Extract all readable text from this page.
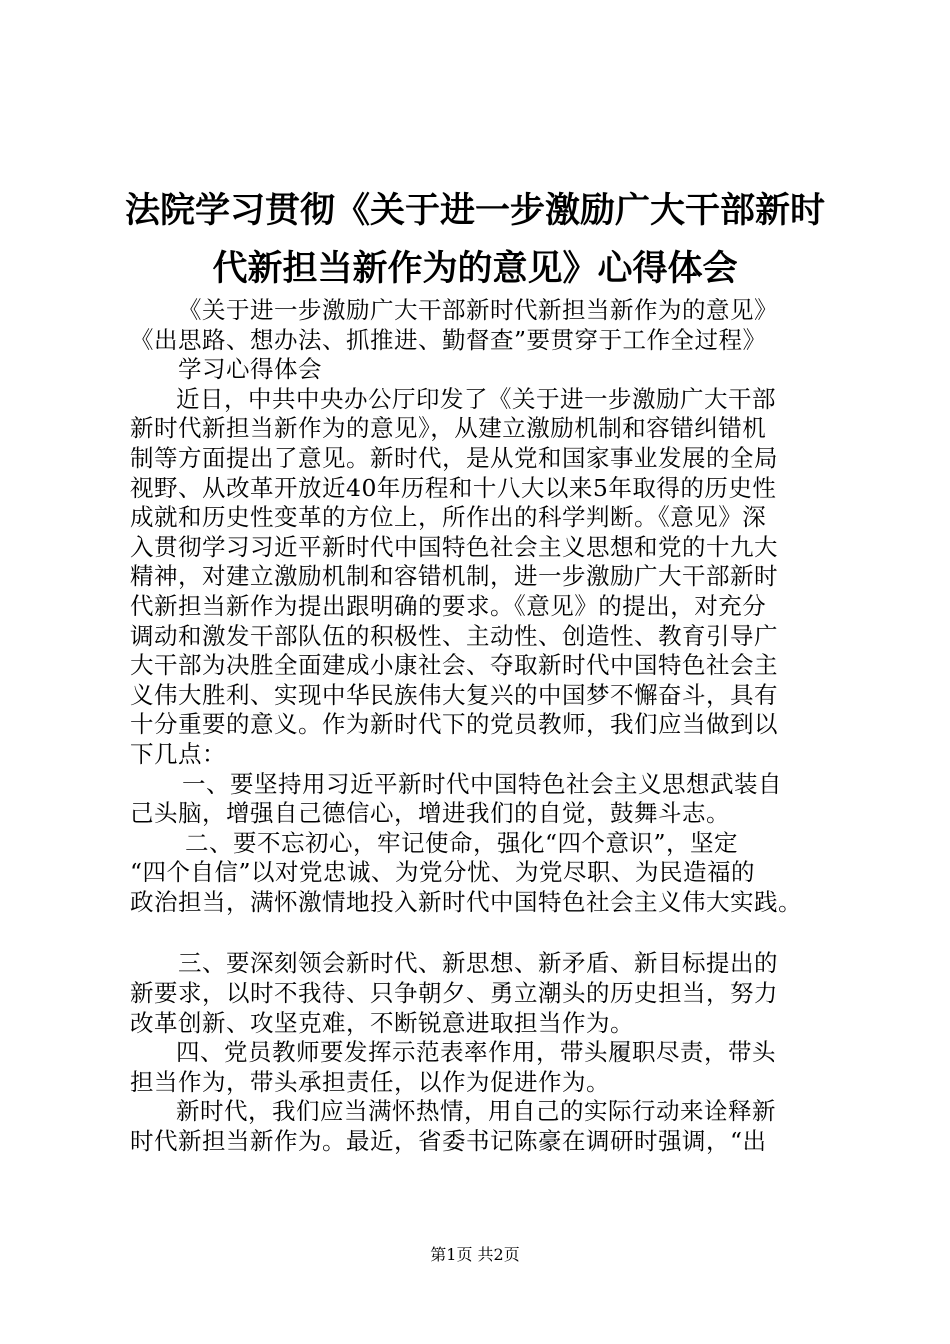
法院学习贯彻《关于进一步激励广大干部新时
代新担当新作为的意见》心得体会
《关于进一步激励广大干部新时代新担当新作为的意见》
《出思路、想办法、抓推进、勤督查”要贯穿于工作全过程》
学习心得体会
近日，中共中央办公厅印发了《关于进一步激励广大干部
新时代新担当新作为的意见》，从建立激励机制和容错纠错机
制等方面提出了意见。新时代，是从党和国家事业发展的全局
视野、从改革开放近40年历程和十八大以来5年取得的历史性
成就和历史性变革的方位上，所作出的科学判断。《意见》深
入贯彻学习习近平新时代中国特色社会主义思想和党的十九大
精神，对建立激励机制和容错机制，进一步激励广大干部新时
代新担当新作为提出跟明确的要求。《意见》的提出，对充分
调动和激发干部队伍的积极性、主动性、创造性、教育引导广
大干部为决胜全面建成小康社会、夺取新时代中国特色社会主
义伟大胜利、实现中华民族伟大复兴的中国梦不懈奋斗，具有
十分重要的意义。作为新时代下的党员教师，我们应当做到以
下几点：
一、要坚持用习近平新时代中国特色社会主义思想武装自
己头脑，增强自己德信心，增进我们的自觉，鼓舞斗志。
二、要不忘初心，牢记使命，强化“四个意识”，坚定
“四个自信”以对党忠诚、为党分忧、为党尽职、为民造福的
政治担当，满怀激情地投入新时代中国特色社会主义伟大实践。
三、要深刻领会新时代、新思想、新矛盾、新目标提出的
新要求，以时不我待、只争朝夕、勇立潮头的历史担当，努力
改革创新、攻坚克难，不断锐意进取担当作为。
四、党员教师要发挥示范表率作用，带头履职尽责，带头
担当作为，带头承担责任，以作为促进作为。
新时代，我们应当满怀热情，用自己的实际行动来诠释新
时代新担当新作为。最近，省委书记陈豪在调研时强调，“出
第1页 共2页
